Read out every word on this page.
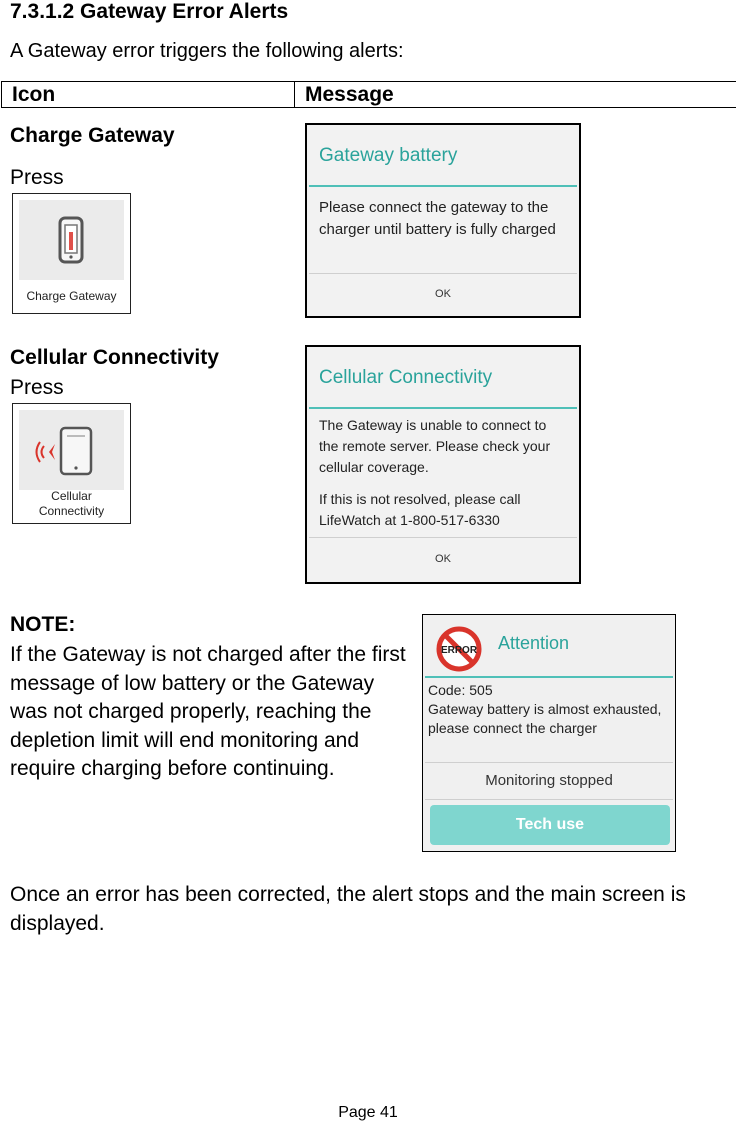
7.3.1.2 Gateway Error Alerts
A Gateway error triggers the following alerts:
Icon	Message
Charge Gateway
Press
Charge Gateway
Gateway battery
Please connect the gateway to the charger until battery is fully charged
OK
Cellular Connectivity
Press
Cellular
Connectivity
Cellular Connectivity
The Gateway is unable to connect to the remote server. Please check your cellular coverage.
If this is not resolved, please call LifeWatch at 1-800-517-6330
OK
NOTE:
If the Gateway is not charged after the first message of low battery or the Gateway was not charged properly, reaching the depletion limit will end monitoring and require charging before continuing.
ERROR Attention
Code: 505
Gateway battery is almost exhausted, please connect the charger
Monitoring stopped
Tech use
Once an error has been corrected, the alert stops and the main screen is displayed.
Page 41
